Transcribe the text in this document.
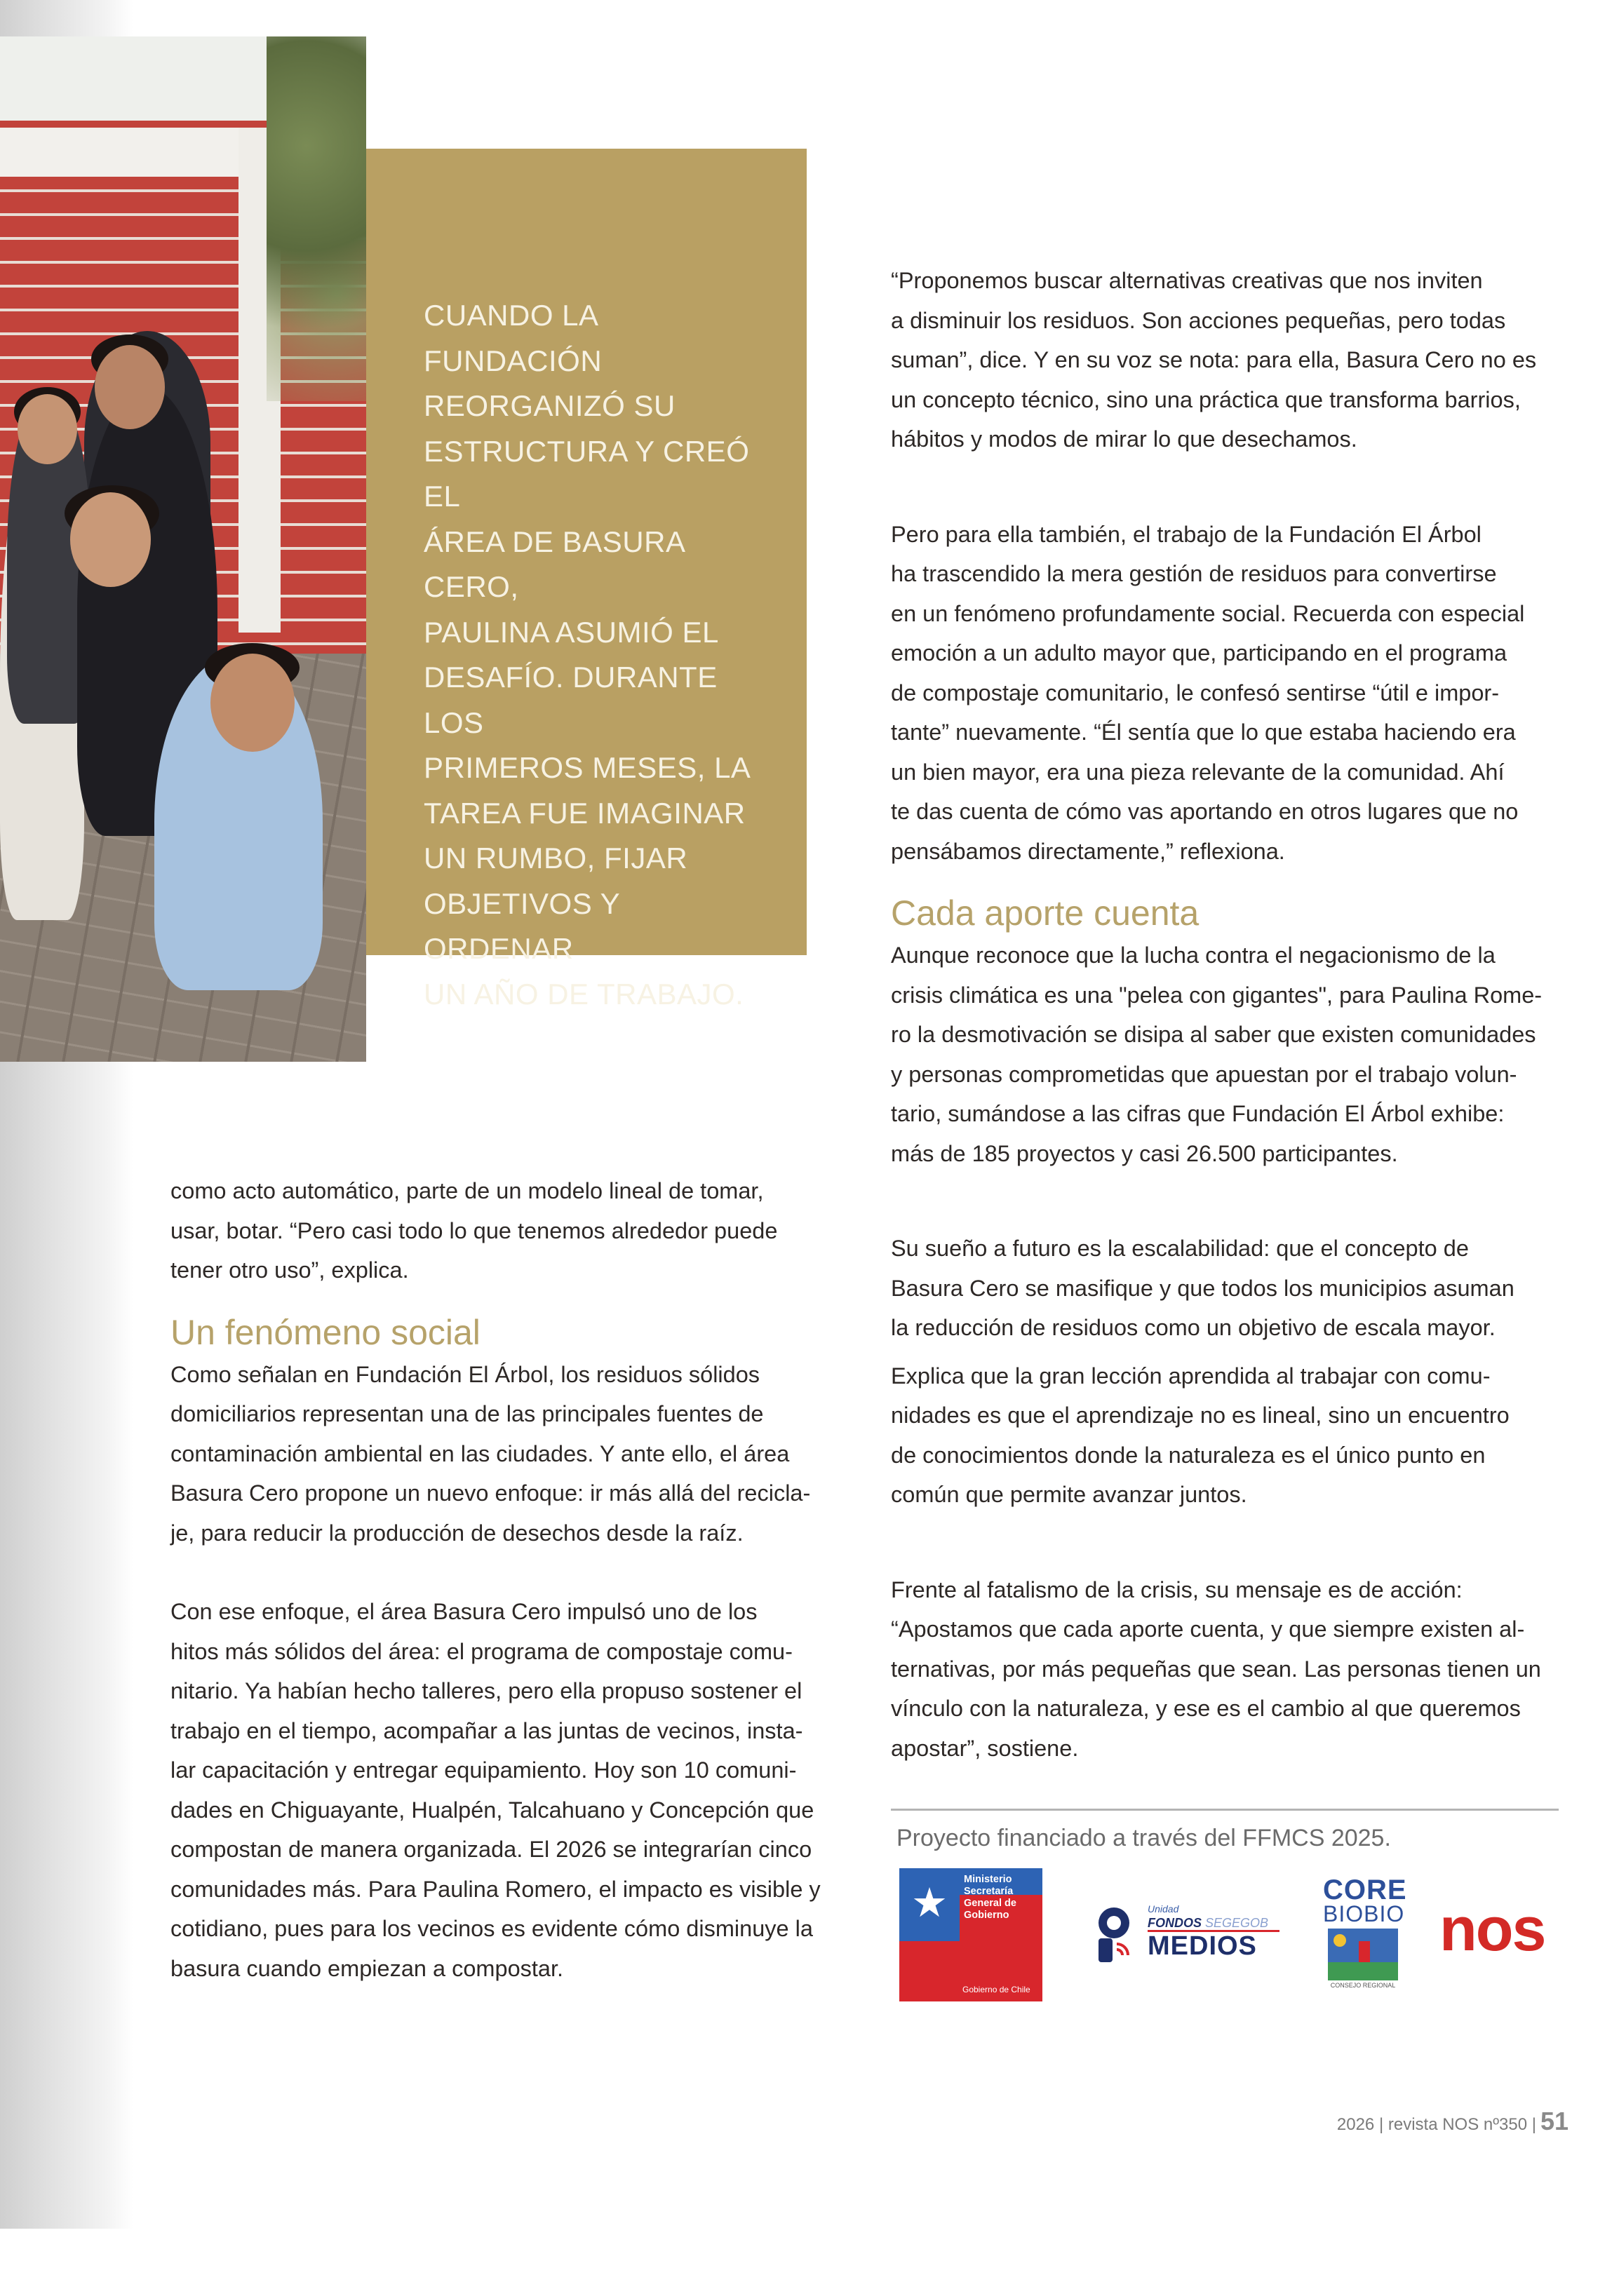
CUANDO LA
FUNDACIÓN
REORGANIZÓ SU
ESTRUCTURA Y CREÓ EL
ÁREA DE BASURA CERO,
PAULINA ASUMIÓ EL
DESAFÍO. DURANTE LOS
PRIMEROS MESES, LA
TAREA FUE IMAGINAR
UN RUMBO, FIJAR
OBJETIVOS Y ORDENAR
UN AÑO DE TRABAJO.
como acto automático, parte de un modelo lineal de tomar,
usar, botar. “Pero casi todo lo que tenemos alrededor puede
tener otro uso”, explica.
Un fenómeno social
Como señalan en Fundación El Árbol, los residuos sólidos
domiciliarios representan una de las principales fuentes de
contaminación ambiental en las ciudades. Y ante ello, el área
Basura Cero propone un nuevo enfoque: ir más allá del recicla-
je, para reducir la producción de desechos desde la raíz.
Con ese enfoque, el área Basura Cero impulsó uno de los
hitos más sólidos del área: el programa de compostaje comu-
nitario. Ya habían hecho talleres, pero ella propuso sostener el
trabajo en el tiempo, acompañar a las juntas de vecinos, insta-
lar capacitación y entregar equipamiento. Hoy son 10 comuni-
dades en Chiguayante, Hualpén, Talcahuano y Concepción que
compostan de manera organizada. El 2026 se integrarían cinco
comunidades más. Para Paulina Romero, el impacto es visible y
cotidiano, pues para los vecinos es evidente cómo disminuye la
basura cuando empiezan a compostar.
“Proponemos buscar alternativas creativas que nos inviten
a disminuir los residuos. Son acciones pequeñas, pero todas
suman”, dice. Y en su voz se nota: para ella, Basura Cero no es
un concepto técnico, sino una práctica que transforma barrios,
hábitos y modos de mirar lo que desechamos.
Pero para ella también, el trabajo de la Fundación El Árbol
ha trascendido la mera gestión de residuos para convertirse
en un fenómeno profundamente social. Recuerda con especial
emoción a un adulto mayor que, participando en el programa
de compostaje comunitario, le confesó sentirse “útil e impor-
tante” nuevamente. “Él sentía que lo que estaba haciendo era
un bien mayor, era una pieza relevante de la comunidad. Ahí
te das cuenta de cómo vas aportando en otros lugares que no
pensábamos directamente,” reflexiona.
Cada aporte cuenta
Aunque reconoce que la lucha contra el negacionismo de la
crisis climática es una "pelea con gigantes", para Paulina Rome-
ro la desmotivación se disipa al saber que existen comunidades
y personas comprometidas que apuestan por el trabajo volun-
tario, sumándose a las cifras que Fundación El Árbol exhibe:
más de 185 proyectos y casi 26.500 participantes.
Su sueño a futuro es la escalabilidad: que el concepto de
Basura Cero se masifique y que todos los municipios asuman
la reducción de residuos como un objetivo de escala mayor.
Explica que la gran lección aprendida al trabajar con comu-
nidades es que el aprendizaje no es lineal, sino un encuentro
de conocimientos donde la naturaleza es el único punto en
común que permite avanzar juntos.
Frente al fatalismo de la crisis, su mensaje es de acción:
“Apostamos que cada aporte cuenta, y que siempre existen al-
ternativas, por más pequeñas que sean. Las personas tienen un
vínculo con la naturaleza, y ese es el cambio al que queremos
apostar”, sostiene.
Proyecto financiado a través del FFMCS 2025.
★
Ministerio
Secretaría
General de
Gobierno
Gobierno de Chile
Unidad
FONDOS SEGEGOB
MEDIOS
CORE
BIOBIO
CONSEJO REGIONAL
nos
2026 | revista NOS nº350 | 51
